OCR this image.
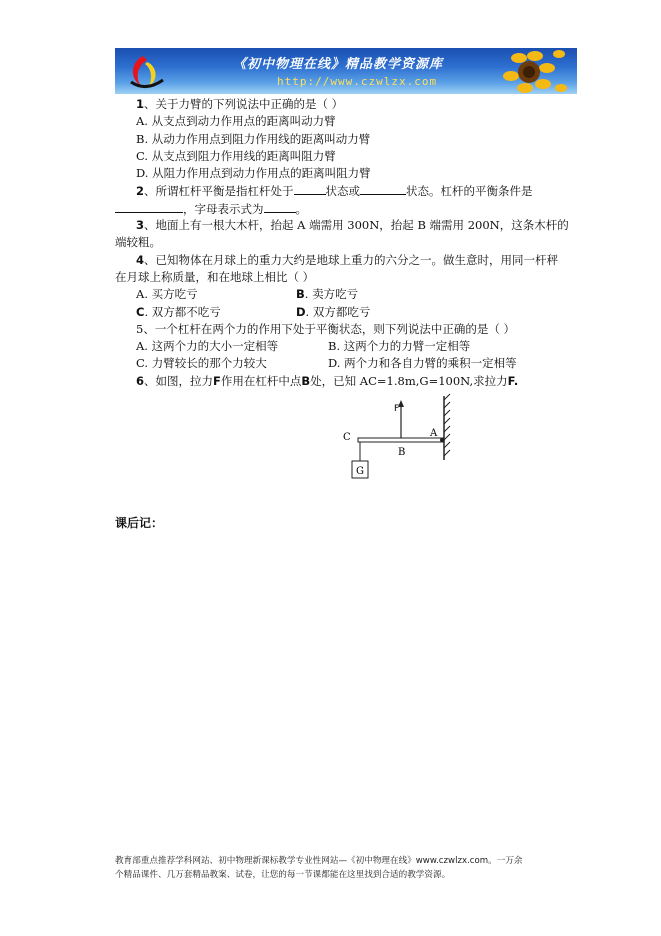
《初中物理在线》精品教学资源库
http://www.czwlzx.com
1、关于力臂的下列说法中正确的是（ ）
A. 从支点到动力作用点的距离叫动力臂
B. 从动力作用点到阻力作用线的距离叫动力臂
C. 从支点到阻力作用线的距离叫阻力臂
D. 从阻力作用点到动力作用点的距离叫阻力臂
2、所谓杠杆平衡是指杠杆处于	状态或	状态。杠杆的平衡条件是
，字母表示式为	。
3、地面上有一根大木杆，抬起 A 端需用 300N，抬起 B 端需用 200N，这条木杆的
端较粗。
4、已知物体在月球上的重力大约是地球上重力的六分之一。做生意时，用同一杆秤
在月球上称质量，和在地球上相比（ ）
A. 买方吃亏	B. 卖方吃亏
C. 双方都不吃亏	D. 双方都吃亏
5、一个杠杆在两个力的作用下处于平衡状态，则下列说法中正确的是（ ）
A. 这两个力的大小一定相等	B. 这两个力的力臂一定相等
C. 力臂较长的那个力较大	D. 两个力和各自力臂的乘积一定相等
6、如图，拉力F作用在杠杆中点B处，已知 AC=1.8m,G=100N,求拉力F.
F
A
B
C
G
课后记：
教育部重点推荐学科网站、初中物理新课标教学专业性网站—《初中物理在线》www.czwlzx.com。一万余
个精品课件、几万套精品教案、试卷，让您的每一节课都能在这里找到合适的教学资源。
